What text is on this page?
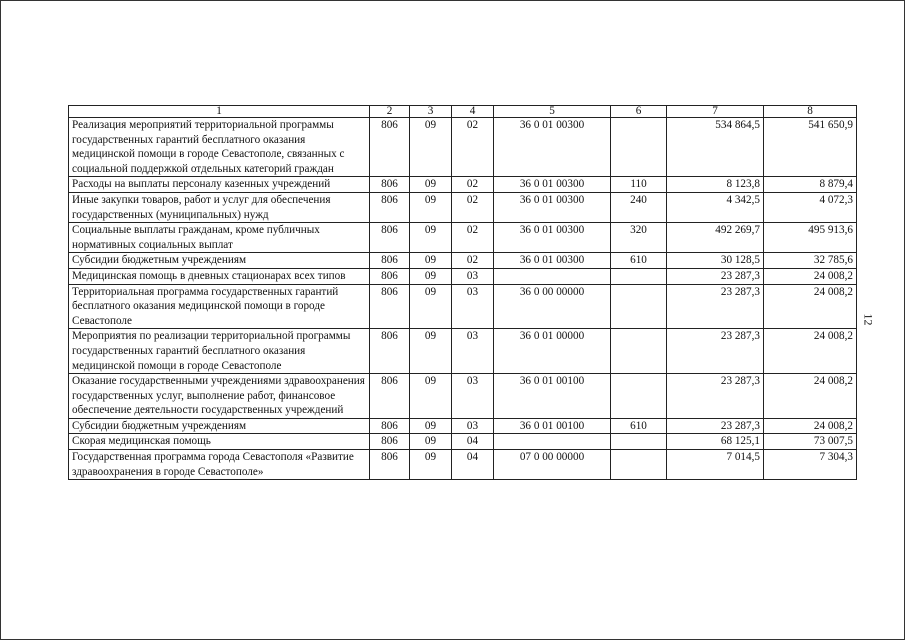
1	2	3	4	5	6	7	8
Реализация мероприятий территориальной программы государственных гарантий бесплатного оказания медицинской помощи в городе Севастополе, связанных с социальной поддержкой отдельных категорий граждан	806	09	02	36 0 01 00300		534 864,5	541 650,9
Расходы на выплаты персоналу казенных учреждений	806	09	02	36 0 01 00300	110	8 123,8	8 879,4
Иные закупки товаров, работ и услуг для обеспечения государственных (муниципальных) нужд	806	09	02	36 0 01 00300	240	4 342,5	4 072,3
Социальные выплаты гражданам, кроме публичных нормативных социальных выплат	806	09	02	36 0 01 00300	320	492 269,7	495 913,6
Субсидии бюджетным учреждениям	806	09	02	36 0 01 00300	610	30 128,5	32 785,6
Медицинская помощь в дневных стационарах всех типов	806	09	03			23 287,3	24 008,2
Территориальная программа государственных гарантий бесплатного оказания медицинской помощи в городе Севастополе	806	09	03	36 0 00 00000		23 287,3	24 008,2
Мероприятия по реализации территориальной программы государственных гарантий бесплатного оказания медицинской помощи в городе Севастополе	806	09	03	36 0 01 00000		23 287,3	24 008,2
Оказание государственными учреждениями здравоохранения государственных услуг, выполнение работ, финансовое обеспечение деятельности государственных учреждений	806	09	03	36 0 01 00100		23 287,3	24 008,2
Субсидии бюджетным учреждениям	806	09	03	36 0 01 00100	610	23 287,3	24 008,2
Скорая медицинская помощь	806	09	04			68 125,1	73 007,5
Государственная программа города Севастополя «Развитие здравоохранения в городе Севастополе»	806	09	04	07 0 00 00000		7 014,5	7 304,3
12
